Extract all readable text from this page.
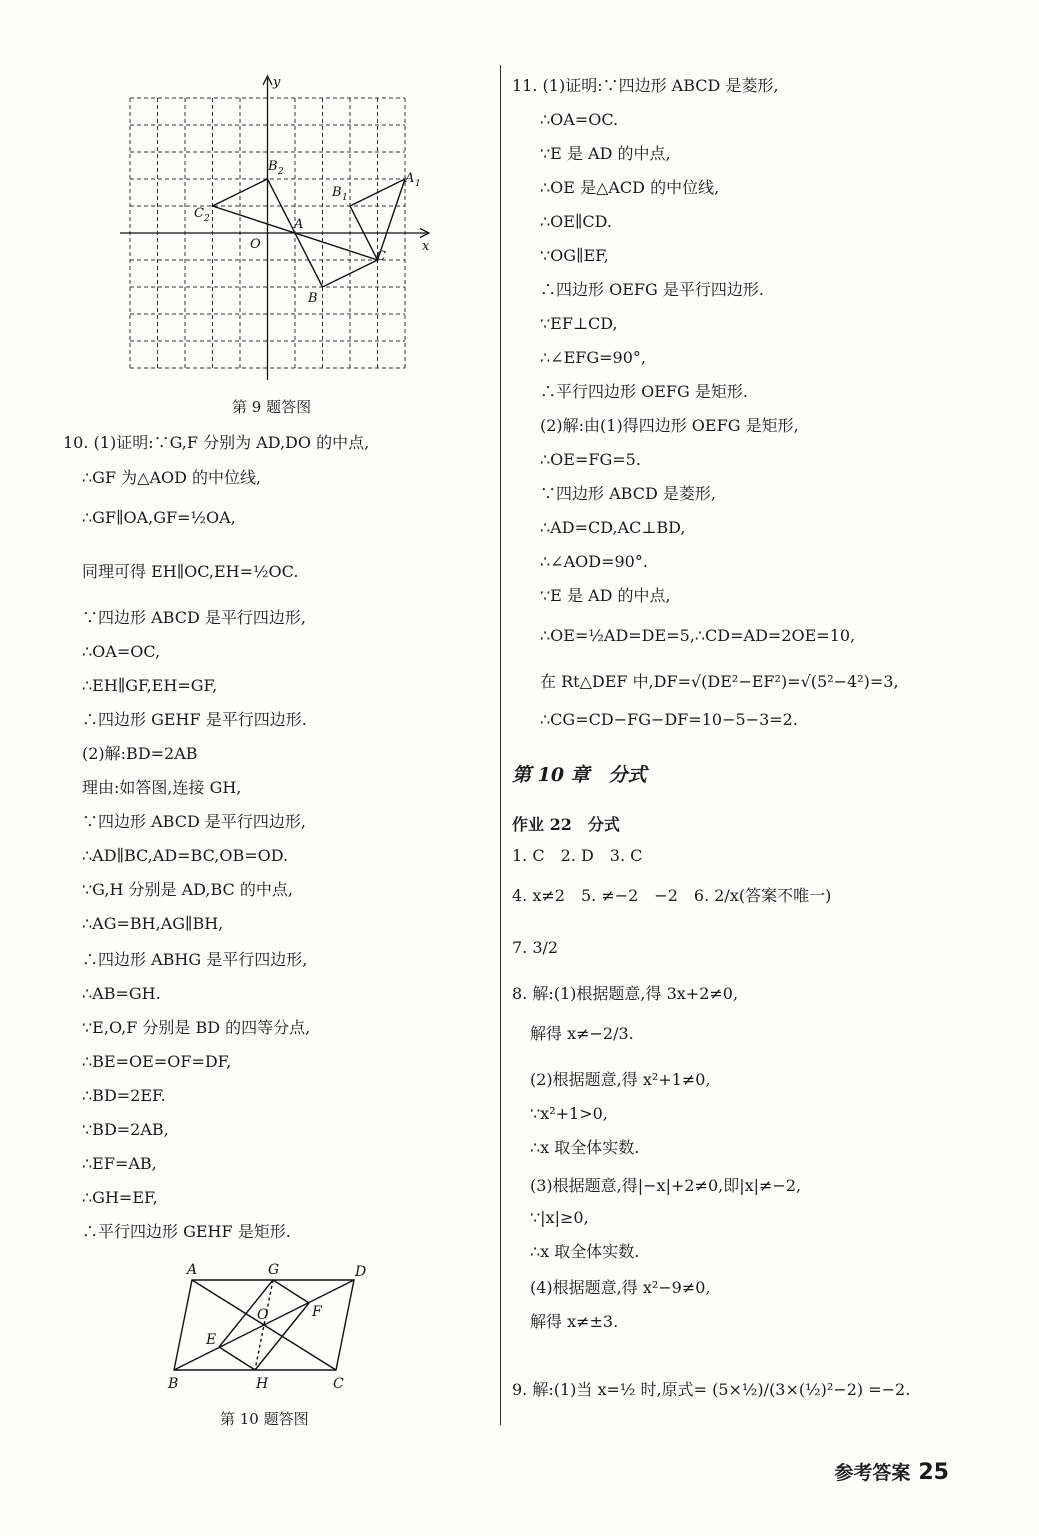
y
x
O
A
B
C
B 2
C 2
A 1
B 1
第 9 题答图
10. (1)证明:∵G,F 分别为 AD,DO 的中点,
∴GF 为△AOD 的中位线,
∴GF∥OA,GF=½OA,
同理可得 EH∥OC,EH=½OC.
∵四边形 ABCD 是平行四边形,
∴OA=OC,
∴EH∥GF,EH=GF,
∴四边形 GEHF 是平行四边形.
(2)解:BD=2AB
理由:如答图,连接 GH,
∵四边形 ABCD 是平行四边形,
∴AD∥BC,AD=BC,OB=OD.
∵G,H 分别是 AD,BC 的中点,
∴AG=BH,AG∥BH,
∴四边形 ABHG 是平行四边形,
∴AB=GH.
∵E,O,F 分别是 BD 的四等分点,
∴BE=OE=OF=DF,
∴BD=2EF.
∵BD=2AB,
∴EF=AB,
∴GH=EF,
∴平行四边形 GEHF 是矩形.
A	G	D
O	F
E
B	H	C
第 10 题答图
11. (1)证明:∵四边形 ABCD 是菱形,
∴OA=OC.
∵E 是 AD 的中点,
∴OE 是△ACD 的中位线,
∴OE∥CD.
∵OG∥EF,
∴四边形 OEFG 是平行四边形.
∵EF⊥CD,
∴∠EFG=90°,
∴平行四边形 OEFG 是矩形.
(2)解:由(1)得四边形 OEFG 是矩形,
∴OE=FG=5.
∵四边形 ABCD 是菱形,
∴AD=CD,AC⊥BD,
∴∠AOD=90°.
∵E 是 AD 的中点,
∴OE=½AD=DE=5,∴CD=AD=2OE=10,
在 Rt△DEF 中,DF=√(DE²−EF²)=√(5²−4²)=3,
∴CG=CD−FG−DF=10−5−3=2.
第 10 章　分式
作业 22　分式
1. C　2. D　3. C
4. x≠2　5. ≠−2　−2　6. 2/x(答案不唯一)
7. 3/2
8. 解:(1)根据题意,得 3x+2≠0,
解得 x≠−2/3.
(2)根据题意,得 x²+1≠0,
∵x²+1>0,
∴x 取全体实数.
(3)根据题意,得|−x|+2≠0,即|x|≠−2,
∵|x|≥0,
∴x 取全体实数.
(4)根据题意,得 x²−9≠0,
解得 x≠±3.
9. 解:(1)当 x=½ 时,原式= (5×½)/(3×(½)²−2) =−2.
参考答案 25
